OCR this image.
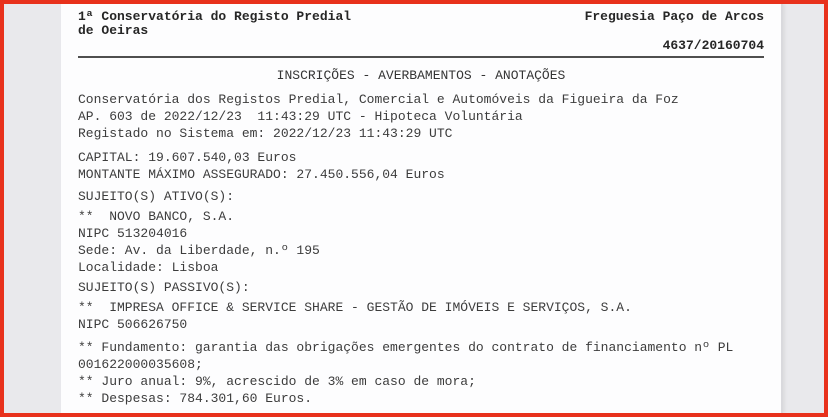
1ª Conservatória do Registo Predial
de Oeiras
Freguesia Paço de Arcos
4637/20160704
INSCRIÇÕES - AVERBAMENTOS - ANOTAÇÕES
Conservatória dos Registos Predial, Comercial e Automóveis da Figueira da Foz
AP. 603 de 2022/12/23  11:43:29 UTC - Hipoteca Voluntária
Registado no Sistema em: 2022/12/23 11:43:29 UTC
CAPITAL: 19.607.540,03 Euros
MONTANTE MÁXIMO ASSEGURADO: 27.450.556,04 Euros
SUJEITO(S) ATIVO(S):
**  NOVO BANCO, S.A.
NIPC 513204016
Sede: Av. da Liberdade, n.º 195
Localidade: Lisboa
SUJEITO(S) PASSIVO(S):
**  IMPRESA OFFICE & SERVICE SHARE - GESTÃO DE IMÓVEIS E SERVIÇOS, S.A.
NIPC 506626750
** Fundamento: garantia das obrigações emergentes do contrato de financiamento nº PL
001622000035608;
** Juro anual: 9%, acrescido de 3% em caso de mora;
** Despesas: 784.301,60 Euros.
